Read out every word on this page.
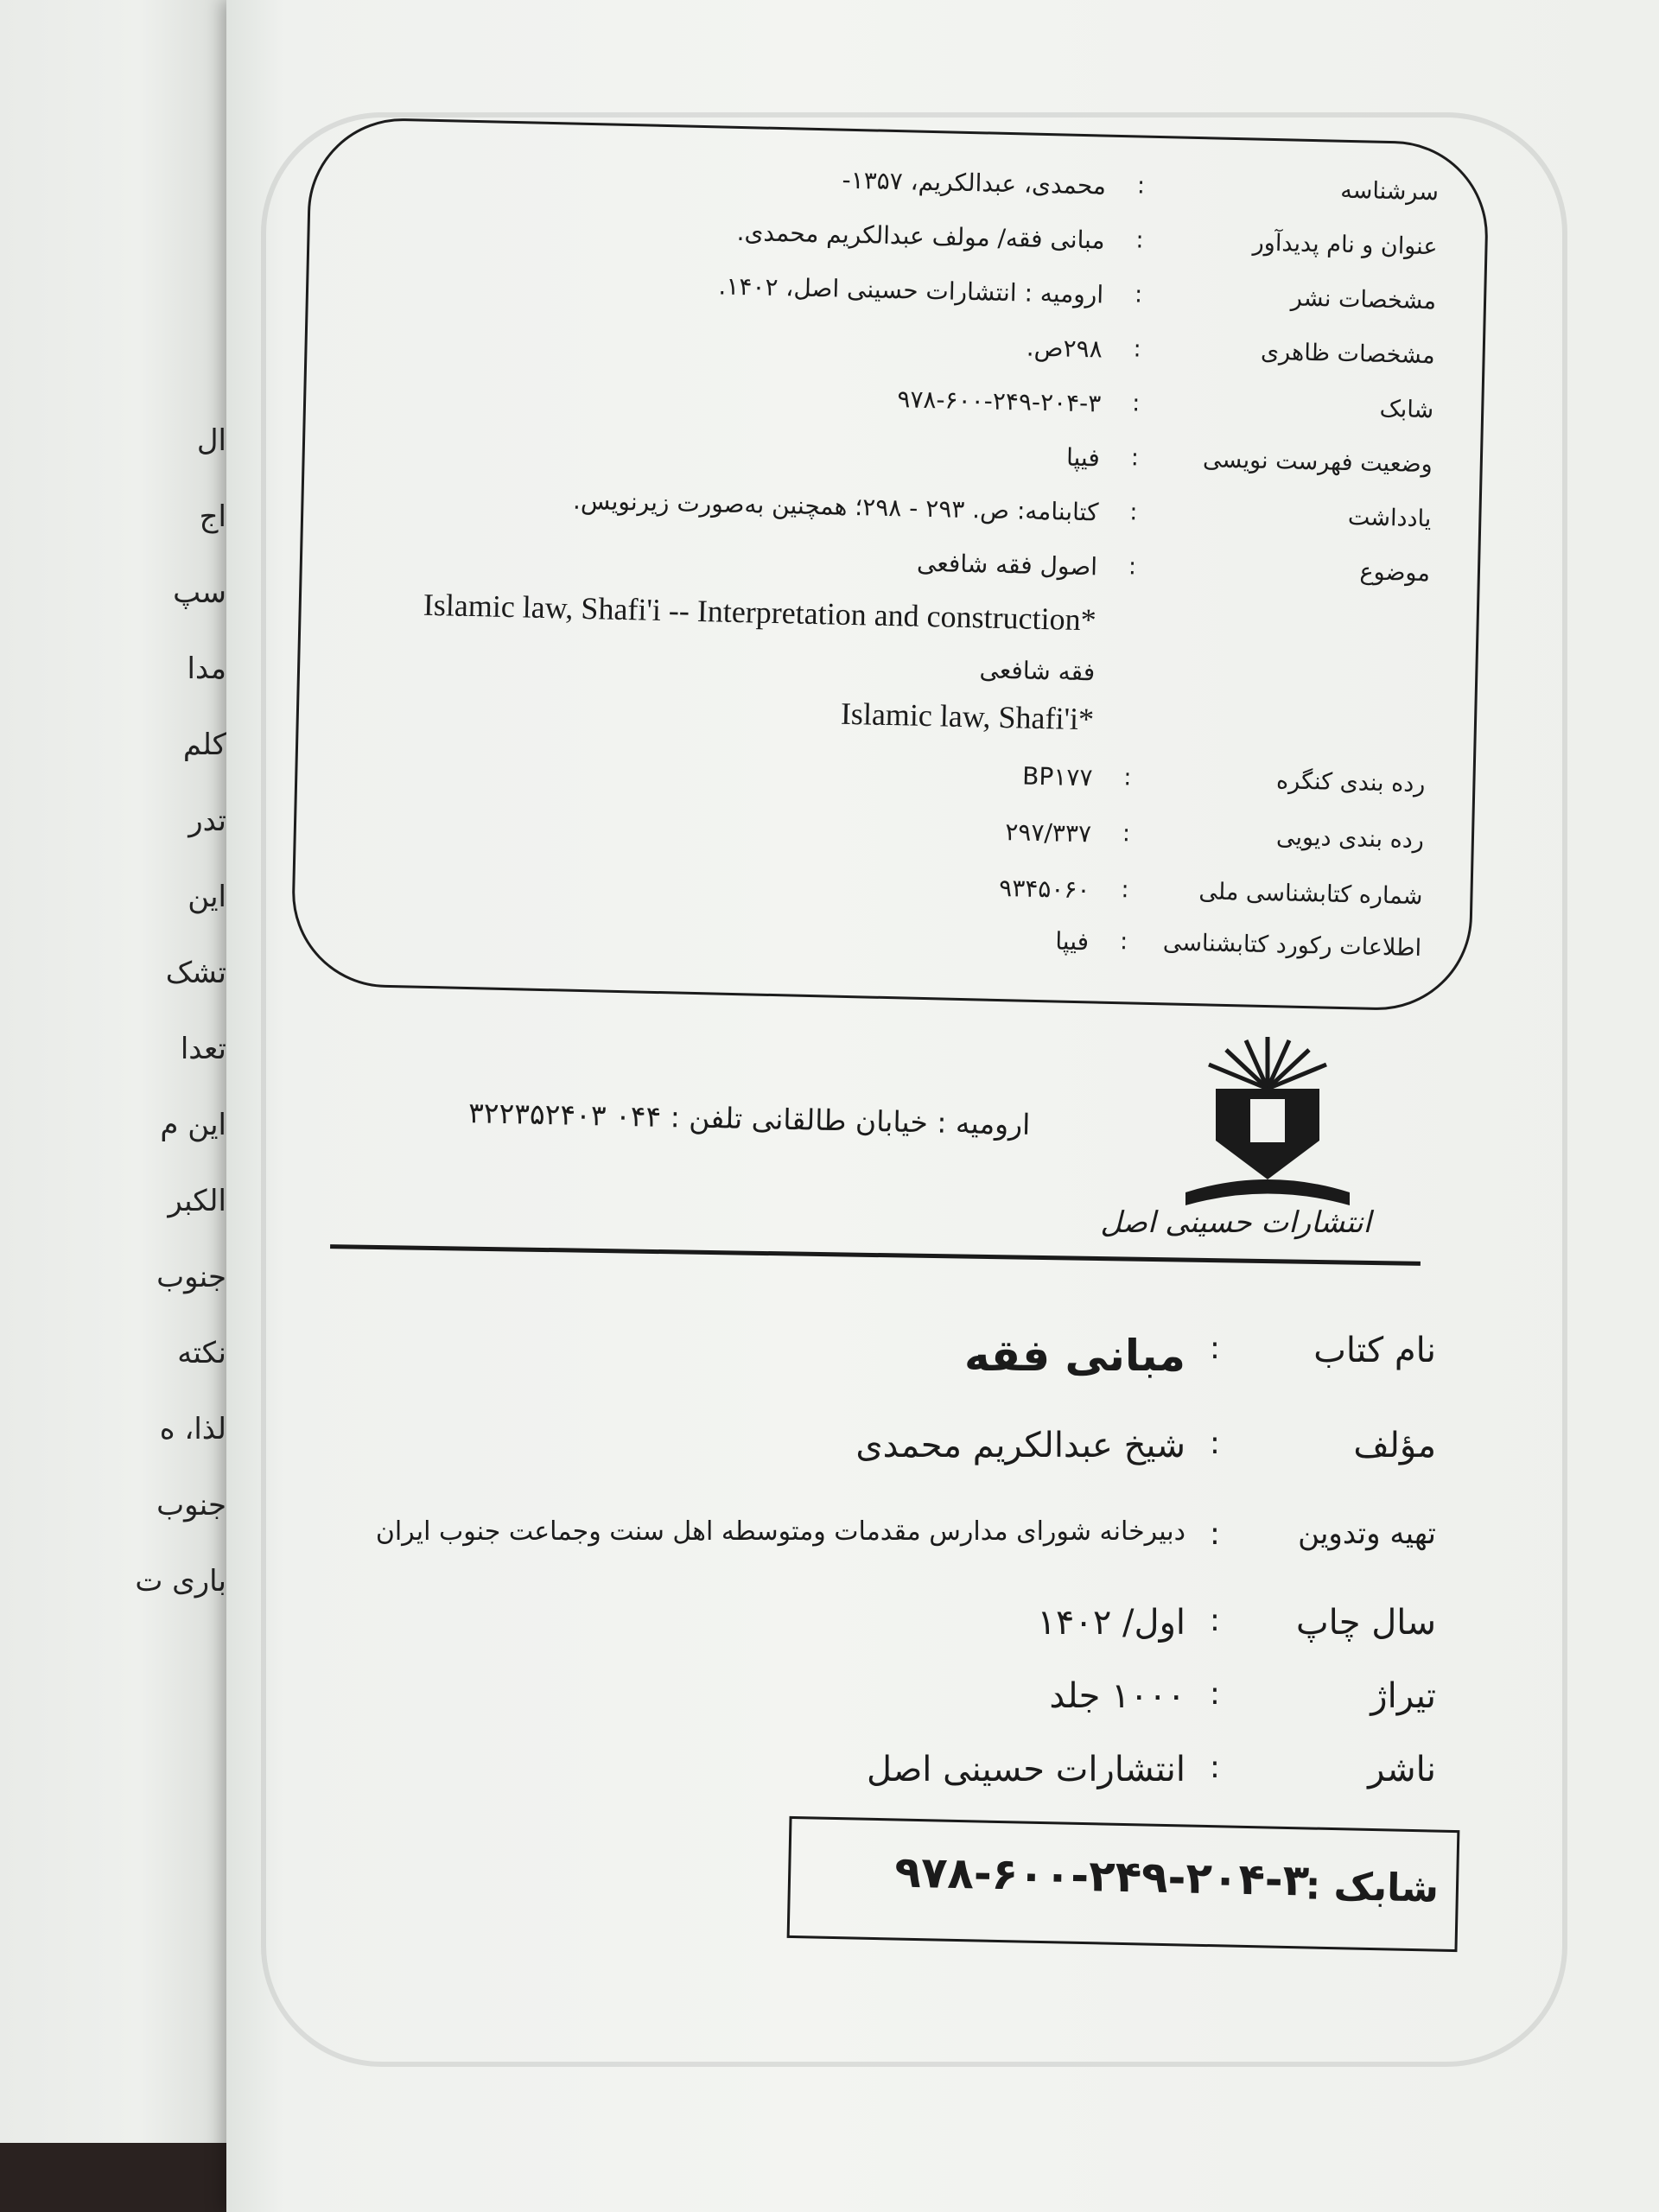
ال
اج
سپ
مدا
کلم
تدر
این
تشک
تعدا
این م
الکبر
جنوب
نکته
لذا، ه
جنوب
باری ت
سرشناسه
:
محمدی، عبدالکریم، ۱۳۵۷-
عنوان و نام پدیدآور
:
مبانی فقه/ مولف عبدالکریم محمدی.
مشخصات نشر
:
ارومیه : انتشارات حسینی اصل، ۱۴۰۲.
مشخصات ظاهری
:
۲۹۸ص.
شابک
:
۹۷۸-۶۰۰-۲۴۹-۲۰۴-۳
وضعیت فهرست نویسی
:
فیپا
یادداشت
:
کتابنامه: ص. ۲۹۳ - ۲۹۸؛ همچنین به‌صورت زیرنویس.
موضوع
:
اصول فقه شافعی
Islamic law, Shafi'i -- Interpretation and construction*
فقه شافعی
Islamic law, Shafi'i*
رده بندی کنگره
:
BP۱۷۷
رده بندی دیویی
:
۲۹۷/۳۳۷
شماره کتابشناسی ملی
:
۹۳۴۵۰۶۰
اطلاعات رکورد کتابشناسی
:
فیپا
انتشارات حسینی اصل
ارومیه : خیابان طالقانی تلفن : ۰۴۴ ۳۲۲۳۵۲۴۰۳
نام کتاب
:
مبانی فقه
مؤلف
:
شیخ عبدالکریم محمدی
تهیه وتدوین
:
دبیرخانه شورای مدارس مقدمات ومتوسطه اهل سنت وجماعت جنوب ایران
سال چاپ
:
اول/ ۱۴۰۲
تیراژ
:
۱۰۰۰ جلد
ناشر
:
انتشارات حسینی اصل
شابک :
۹۷۸-۶۰۰-۲۴۹-۲۰۴-۳
